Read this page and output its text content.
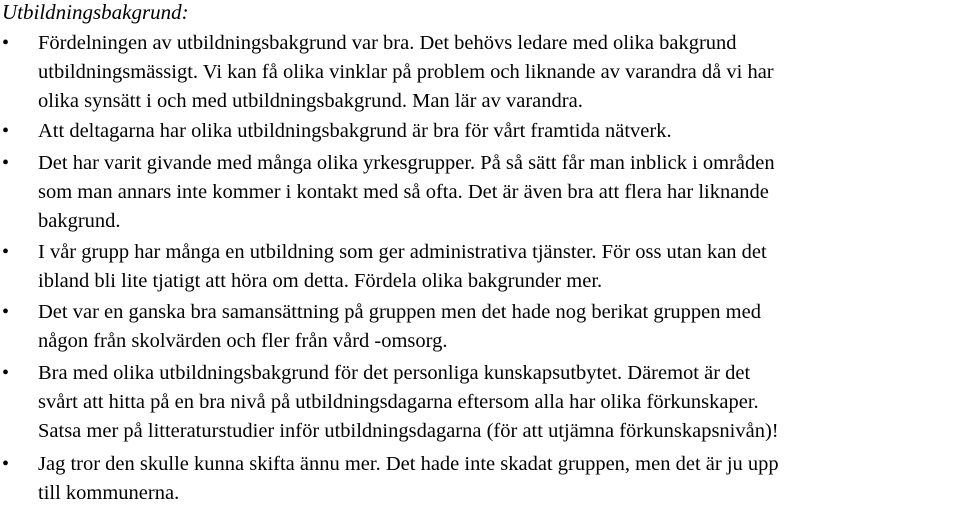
Utbildningsbakgrund:
• Fördelningen av utbildningsbakgrund var bra. Det behövs ledare med olika bakgrund
utbildningsmässigt. Vi kan få olika vinklar på problem och liknande av varandra då vi har
olika synsätt i och med utbildningsbakgrund. Man lär av varandra.
• Att deltagarna har olika utbildningsbakgrund är bra för vårt framtida nätverk.
• Det har varit givande med många olika yrkesgrupper. På så sätt får man inblick i områden
som man annars inte kommer i kontakt med så ofta. Det är även bra att flera har liknande
bakgrund.
• I vår grupp har många en utbildning som ger administrativa tjänster. För oss utan kan det
ibland bli lite tjatigt att höra om detta. Fördela olika bakgrunder mer.
• Det var en ganska bra samansättning på gruppen men det hade nog berikat gruppen med
någon från skolvärden och fler från vård -omsorg.
• Bra med olika utbildningsbakgrund för det personliga kunskapsutbytet. Däremot är det
svårt att hitta på en bra nivå på utbildningsdagarna eftersom alla har olika förkunskaper.
Satsa mer på litteraturstudier inför utbildningsdagarna (för att utjämna förkunskapsnivån)!
• Jag tror den skulle kunna skifta ännu mer. Det hade inte skadat gruppen, men det är ju upp
till kommunerna.
